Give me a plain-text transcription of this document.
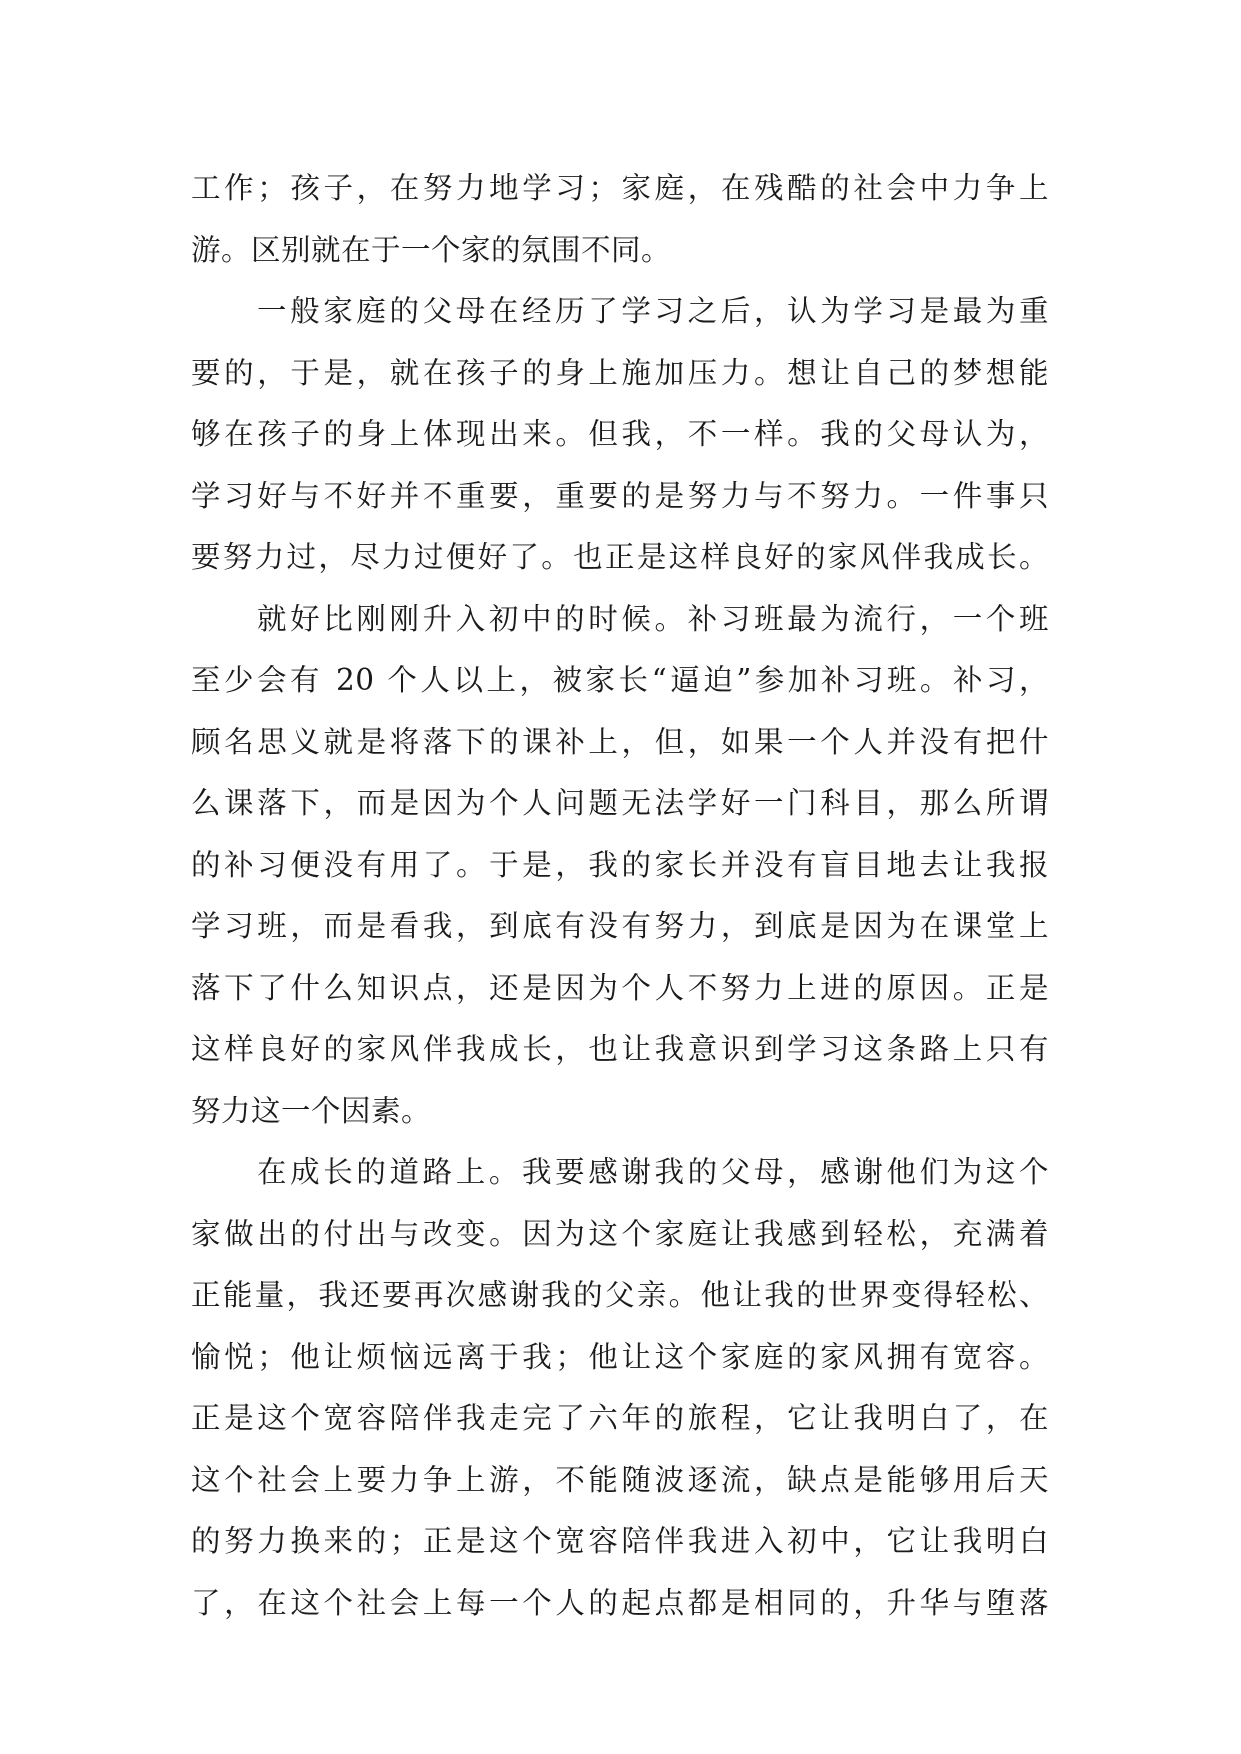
工作；孩子，在努力地学习；家庭，在残酷的社会中力争上
游。区别就在于一个家的氛围不同。
一般家庭的父母在经历了学习之后，认为学习是最为重
要的，于是，就在孩子的身上施加压力。想让自己的梦想能
够在孩子的身上体现出来。但我，不一样。我的父母认为，
学习好与不好并不重要，重要的是努力与不努力。一件事只
要努力过，尽力过便好了。也正是这样良好的家风伴我成长。
就好比刚刚升入初中的时候。补习班最为流行，一个班
至少会有 20 个人以上，被家长“逼迫”参加补习班。补习，
顾名思义就是将落下的课补上，但，如果一个人并没有把什
么课落下，而是因为个人问题无法学好一门科目，那么所谓
的补习便没有用了。于是，我的家长并没有盲目地去让我报
学习班，而是看我，到底有没有努力，到底是因为在课堂上
落下了什么知识点，还是因为个人不努力上进的原因。正是
这样良好的家风伴我成长，也让我意识到学习这条路上只有
努力这一个因素。
在成长的道路上。我要感谢我的父母，感谢他们为这个
家做出的付出与改变。因为这个家庭让我感到轻松，充满着
正能量，我还要再次感谢我的父亲。他让我的世界变得轻松、
愉悦；他让烦恼远离于我；他让这个家庭的家风拥有宽容。
正是这个宽容陪伴我走完了六年的旅程，它让我明白了，在
这个社会上要力争上游，不能随波逐流，缺点是能够用后天
的努力换来的；正是这个宽容陪伴我进入初中，它让我明白
了，在这个社会上每一个人的起点都是相同的，升华与堕落
